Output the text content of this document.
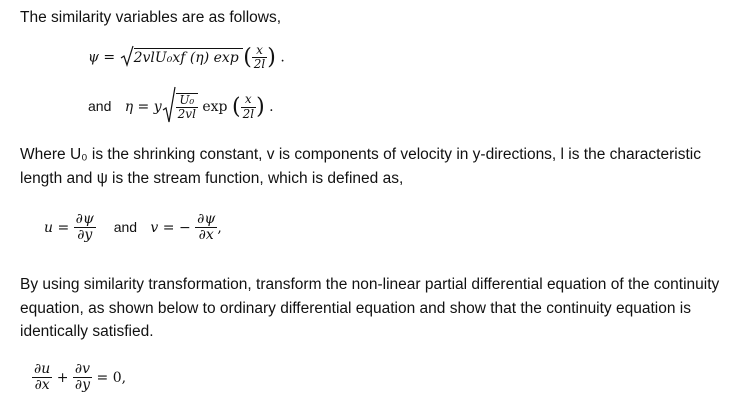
The similarity variables are as follows,
ψ = 2vlU₀xf (η) exp ( $\frac{x}{2l}$ ) .
and η = y $\frac{\text{U₀}}{2vl}$ exp ( $\frac{x}{2l}$ ) .
Where U₀ is the shrinking constant, v is components of velocity in y-directions, l is the characteristic length and ψ is the stream function, which is defined as,
$u = \frac{\partial\psi}{\partial y}$ and v = − $\frac{\partial\psi}{\partial x}$ ,
By using similarity transformation, transform the non-linear partial differential equation of the continuity equation, as shown below to ordinary differential equation and show that the continuity equation is identically satisfied.
$\frac{\partial u}{\partial x} + \frac{\partial v}{\partial y} = 0$,
